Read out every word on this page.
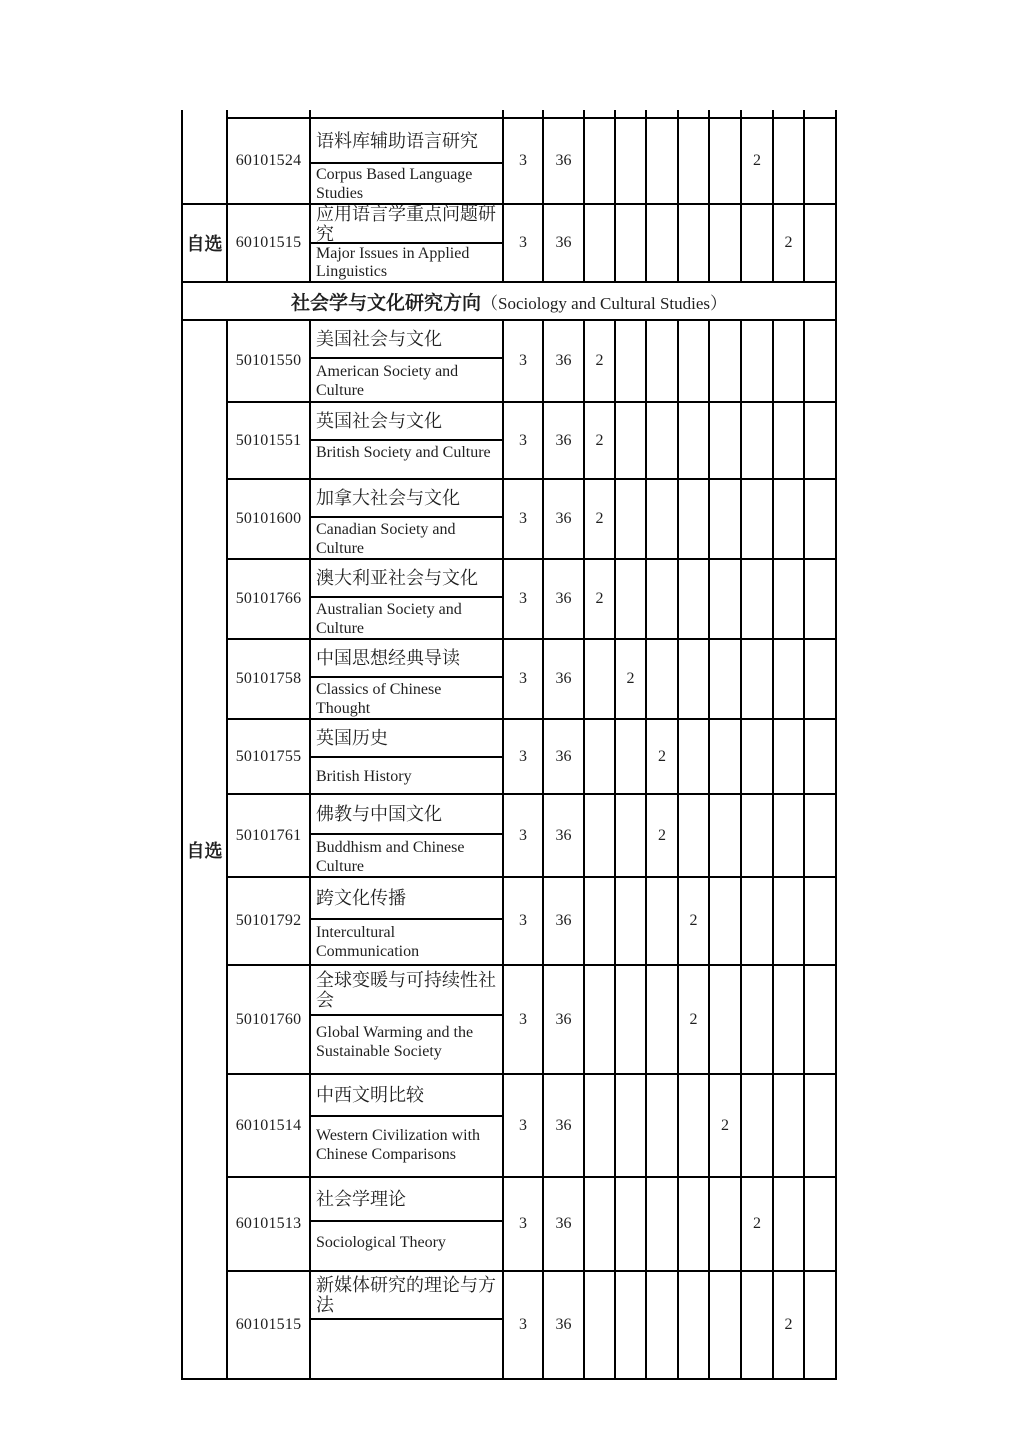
	60101524	语料库辅助语言研究
Corpus Based Language Studies	3	36						2		
自选	60101515	应用语言学重点问题研究
Major Issues in Applied Linguistics	3	36							2	
社会学与文化研究方向（Sociology and Cultural Studies）												
自选	50101550	美国社会与文化
American Society and Culture	3	36	2							
	50101551	英国社会与文化
British Society and Culture	3	36	2							
	50101600	加拿大社会与文化
Canadian Society and Culture	3	36	2							
	50101766	澳大利亚社会与文化
Australian Society and Culture	3	36	2							
	50101758	中国思想经典导读
Classics of Chinese Thought	3	36		2						
	50101755	英国历史
British History	3	36			2					
	50101761	佛教与中国文化
Buddhism and Chinese Culture	3	36			2					
	50101792	跨文化传播
Intercultural Communication	3	36				2				
	50101760	全球变暖与可持续性社会
Global Warming and the Sustainable Society	3	36				2				
	60101514	中西文明比较
Western Civilization with Chinese Comparisons	3	36					2			
	60101513	社会学理论
Sociological Theory	3	36						2		
	60101515	新媒体研究的理论与方法	3	36							2	
